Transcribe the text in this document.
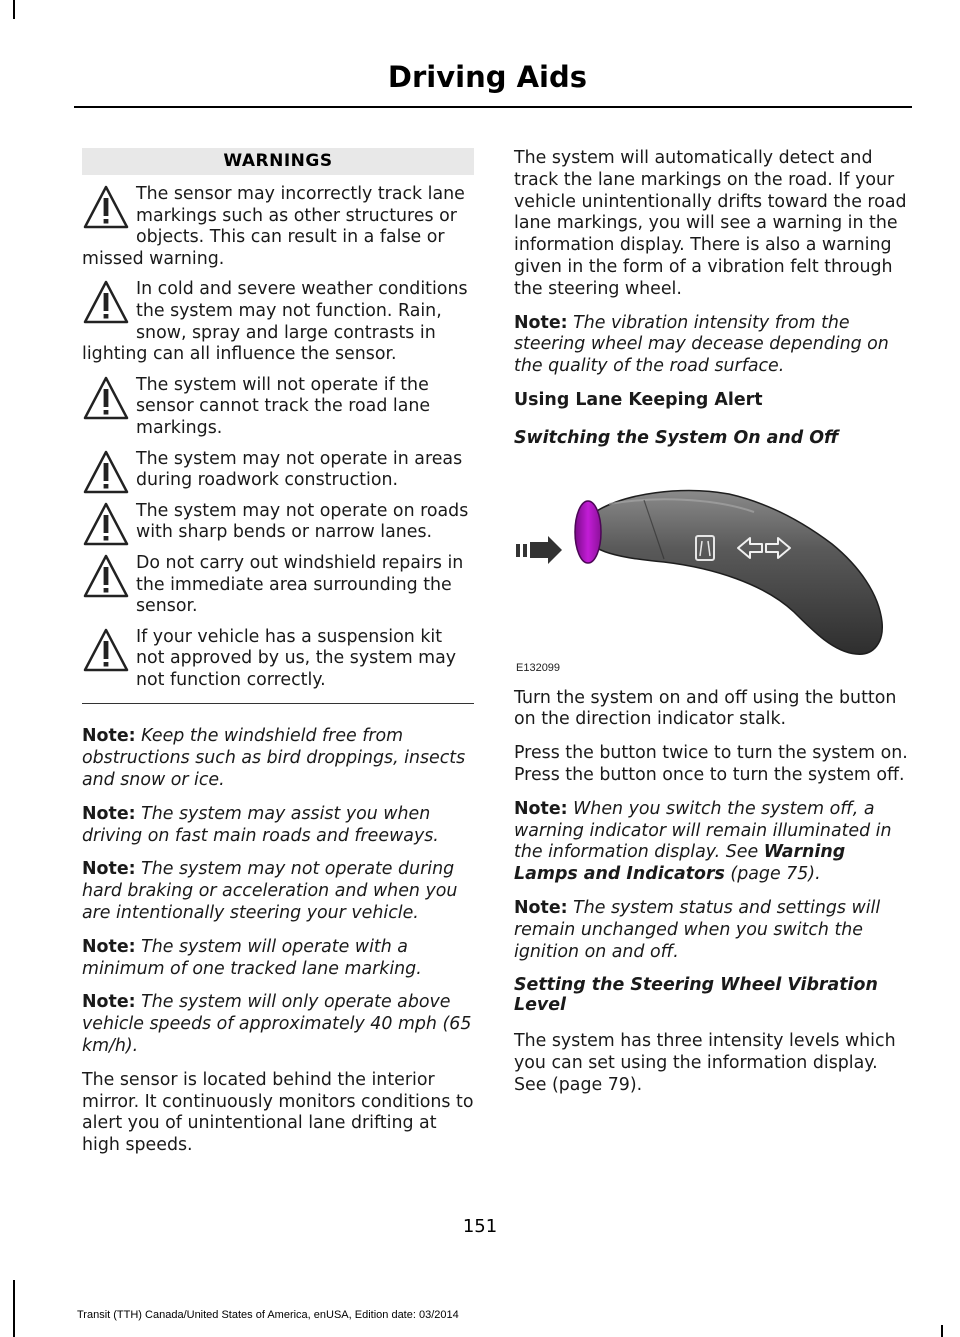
Driving Aids
WARNINGS
The sensor may incorrectly track lane markings such as other structures or objects. This can result in a false or missed warning.
In cold and severe weather conditions the system may not function. Rain, snow, spray and large contrasts in lighting can all influence the sensor.
The system will not operate if the sensor cannot track the road lane markings.
The system may not operate in areas during roadwork construction.
The system may not operate on roads with sharp bends or narrow lanes.
Do not carry out windshield repairs in the immediate area surrounding the sensor.
If your vehicle has a suspension kit not approved by us, the system may not function correctly.

Note: Keep the windshield free from obstructions such as bird droppings, insects and snow or ice.

Note: The system may assist you when driving on fast main roads and freeways.

Note: The system may not operate during hard braking or acceleration and when you are intentionally steering your vehicle.

Note: The system will operate with a minimum of one tracked lane marking.

Note: The system will only operate above vehicle speeds of approximately 40 mph (65 km/h).

The sensor is located behind the interior mirror. It continuously monitors conditions to alert you of unintentional lane drifting at high speeds.

The system will automatically detect and track the lane markings on the road. If your vehicle unintentionally drifts toward the road lane markings, you will see a warning in the information display. There is also a warning given in the form of a vibration felt through the steering wheel.

Note: The vibration intensity from the steering wheel may decease depending on the quality of the road surface.

Using Lane Keeping Alert
Switching the System On and Off
E132099

Turn the system on and off using the button on the direction indicator stalk.

Press the button twice to turn the system on. Press the button once to turn the system off.

Note: When you switch the system off, a warning indicator will remain illuminated in the information display. See Warning Lamps and Indicators (page 75).

Note: The system status and settings will remain unchanged when you switch the ignition on and off.

Setting the Steering Wheel Vibration Level

The system has three intensity levels which you can set using the information display. See (page 79).

151
Transit (TTH) Canada/United States of America, enUSA, Edition date: 03/2014
